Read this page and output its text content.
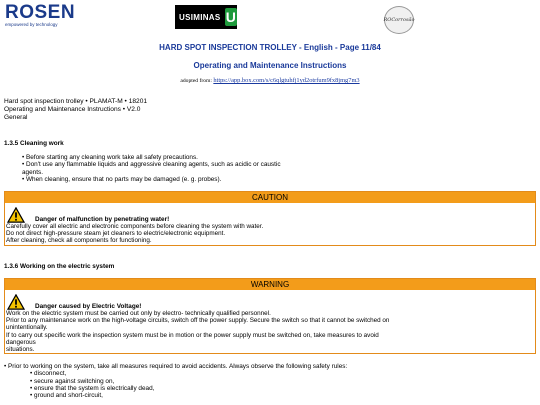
ROSEN
empowered by technology
USIMINAS U	ROCorrosão
HARD SPOT INSPECTION TROLLEY - English - Page 11/84
Operating and Maintenance Instructions
adopted from: https://app.box.com/s/c6qlgtuhfj1yd2otrfum9fx8jmg7m3
Hard spot inspection trolley • PLAMAT-M • 18201
Operating and Maintenance Instructions • V2.0
General
1.3.5 Cleaning work
• Before starting any cleaning work take all safety precautions.
• Don't use any flammable liquids and aggressive cleaning agents, such as acidic or caustic
agents.
• When cleaning, ensure that no parts may be damaged (e. g. probes).
CAUTION
Danger of malfunction by penetrating water!
Carefully cover all electric and electronic components before cleaning the system with water.
Do not direct high-pressure steam jet cleaners to electric/electronic equipment.
After cleaning, check all components for functioning.
1.3.6 Working on the electric system
WARNING
Danger caused by Electric Voltage!
Work on the electric system must be carried out only by electro- technically qualified personnel.
Prior to any maintenance work on the high-voltage circuits, switch off the power supply. Secure the switch so that it cannot be switched on
unintentionally.
If to carry out specific work the inspection system must be in motion or the power supply must be switched on, take measures to avoid
dangerous
situations.
• Prior to working on the system, take all measures required to avoid accidents. Always observe the following safety rules:
• disconnect,
• secure against switching on,
• ensure that the system is electrically dead,
• ground and short-circuit,
